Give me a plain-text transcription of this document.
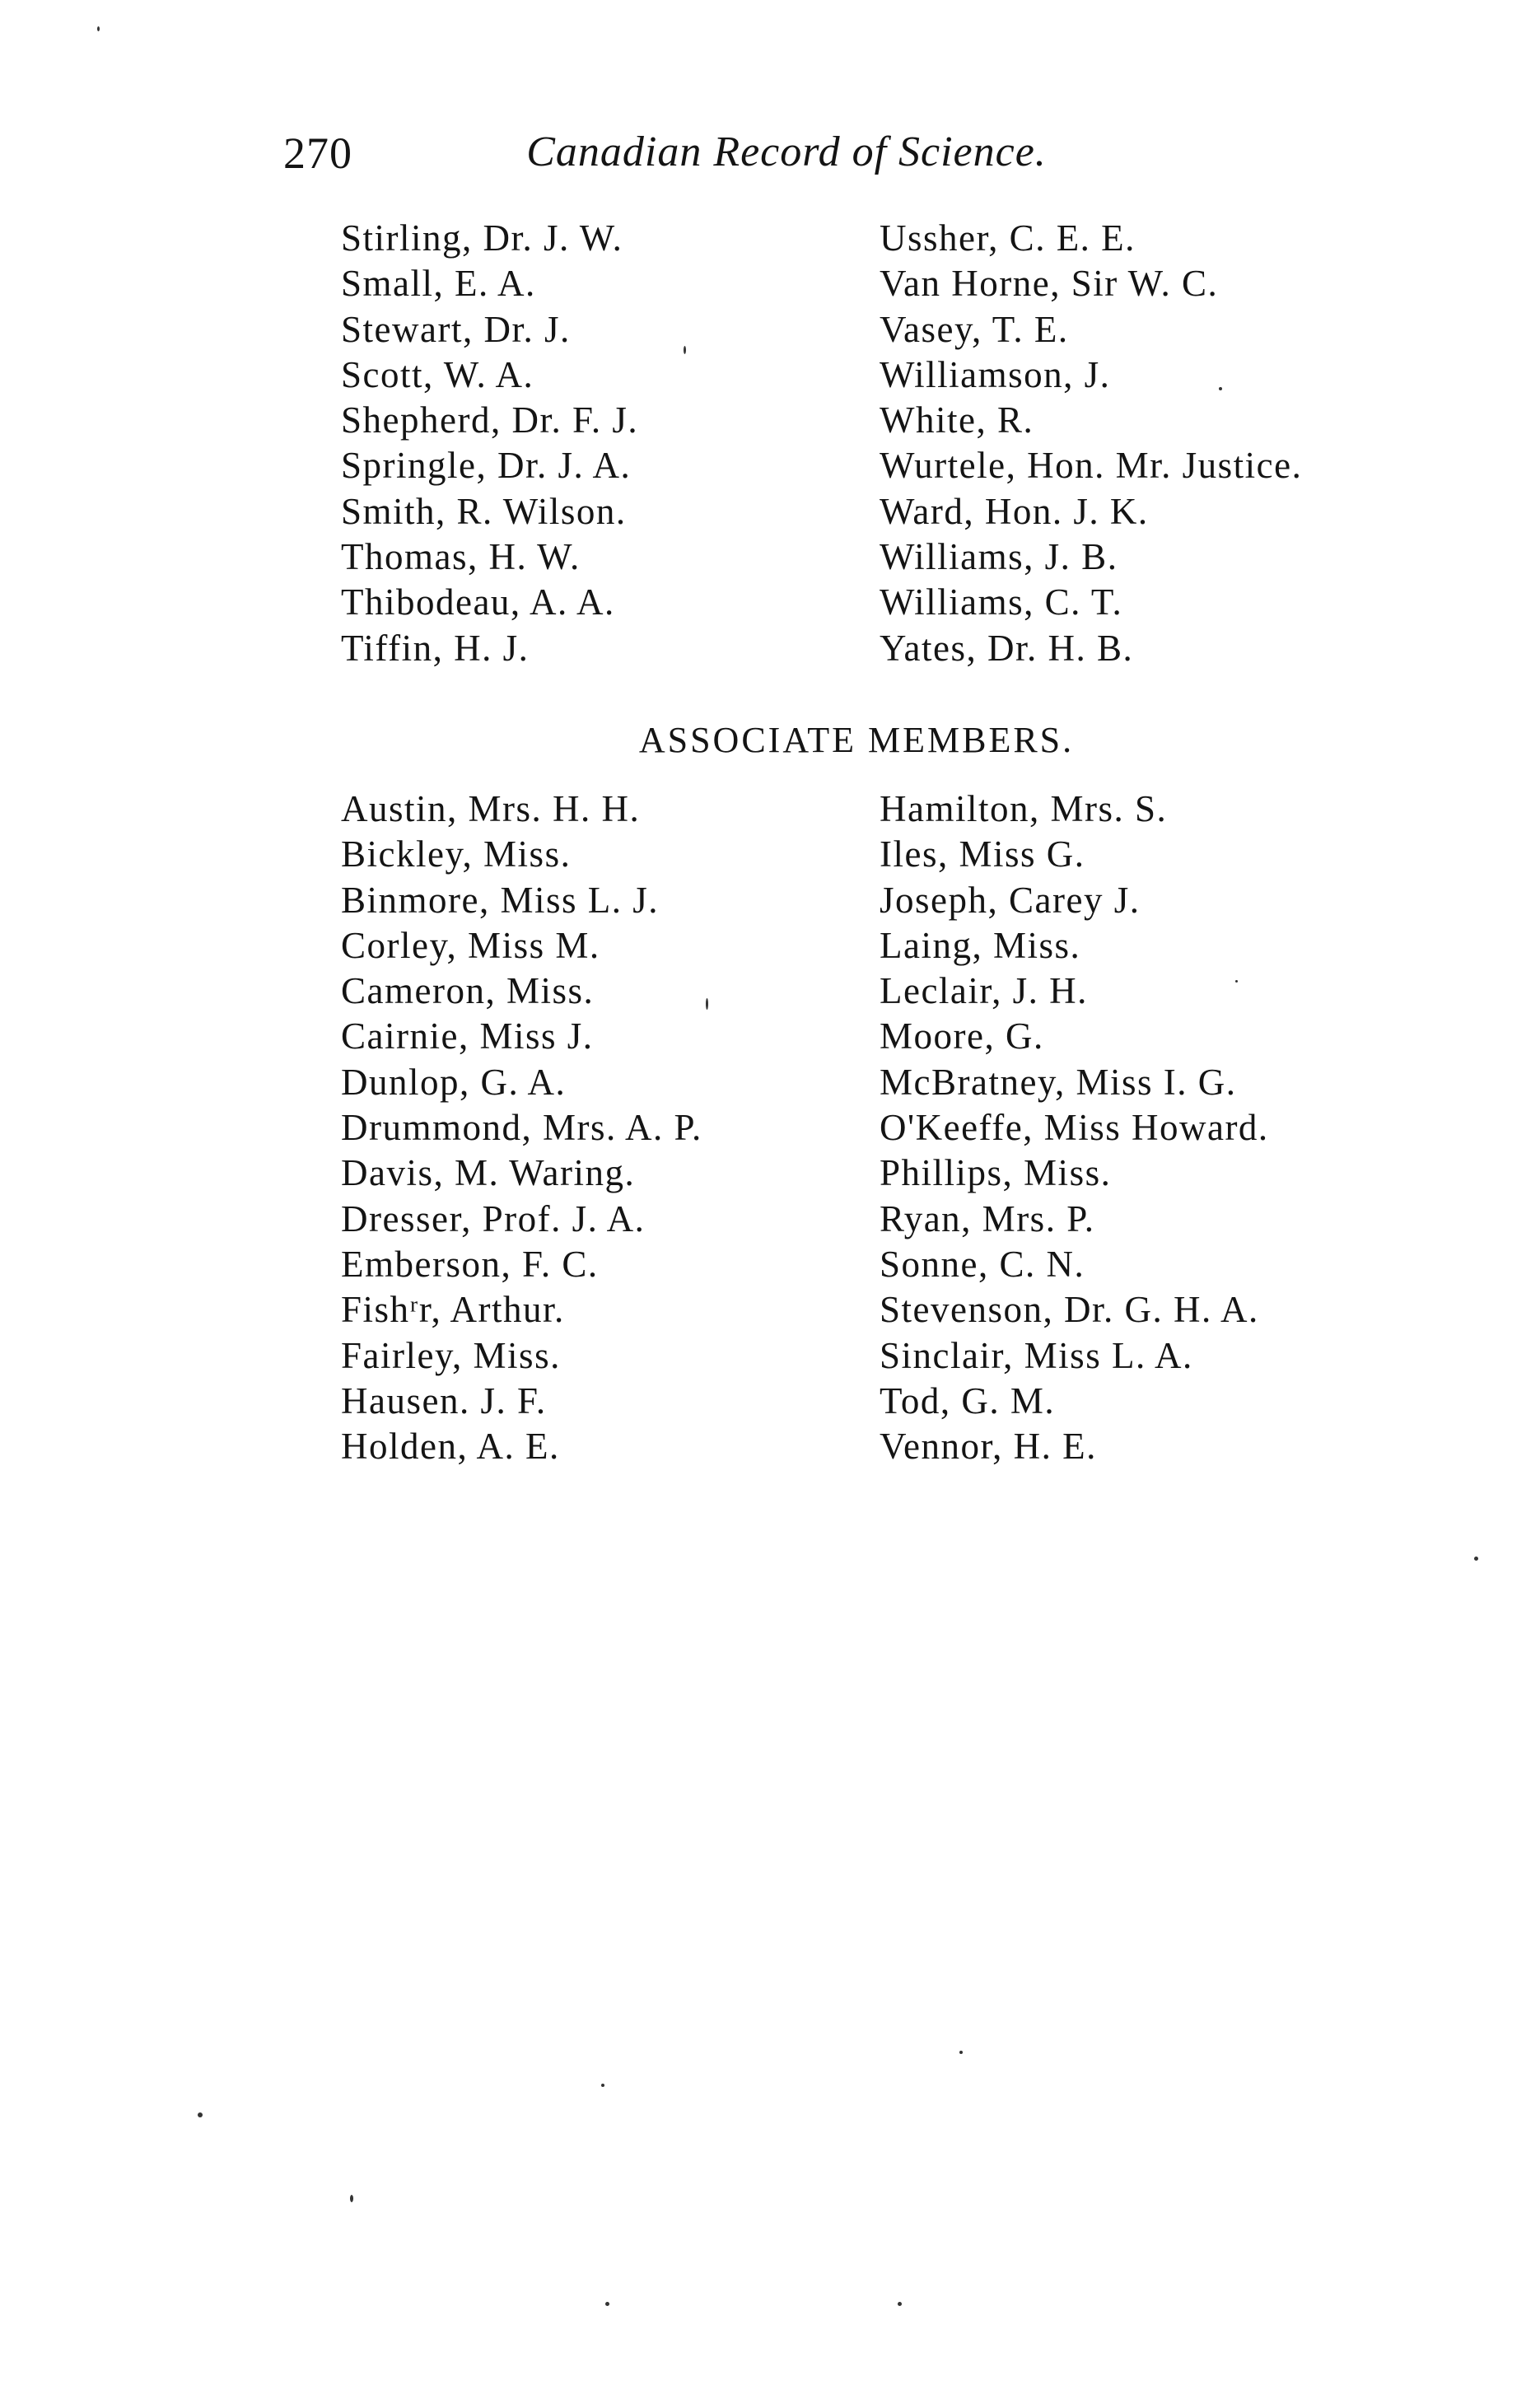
270	Canadian Record of Science.
Stirling, Dr. J. W.
Small, E. A.
Stewart, Dr. J.
Scott, W. A.
Shepherd, Dr. F. J.
Springle, Dr. J. A.
Smith, R. Wilson.
Thomas, H. W.
Thibodeau, A. A.
Tiffin, H. J.
Ussher, C. E. E.
Van Horne, Sir W. C.
Vasey, T. E.
Williamson, J.
White, R.
Wurtele, Hon. Mr. Justice.
Ward, Hon. J. K.
Williams, J. B.
Williams, C. T.
Yates, Dr. H. B.
ASSOCIATE MEMBERS.
Austin, Mrs. H. H.
Bickley, Miss.
Binmore, Miss L. J.
Corley, Miss M.
Cameron, Miss.
Cairnie, Miss J.
Dunlop, G. A.
Drummond, Mrs. A. P.
Davis, M. Waring.
Dresser, Prof. J. A.
Emberson, F. C.
Fishʳr, Arthur.
Fairley, Miss.
Hausen. J. F.
Holden, A. E.
Hamilton, Mrs. S.
Iles, Miss G.
Joseph, Carey J.
Laing, Miss.
Leclair, J. H.
Moore, G.
McBratney, Miss I. G.
O'Keeffe, Miss Howard.
Phillips, Miss.
Ryan, Mrs. P.
Sonne, C. N.
Stevenson, Dr. G. H. A.
Sinclair, Miss L. A.
Tod, G. M.
Vennor, H. E.
